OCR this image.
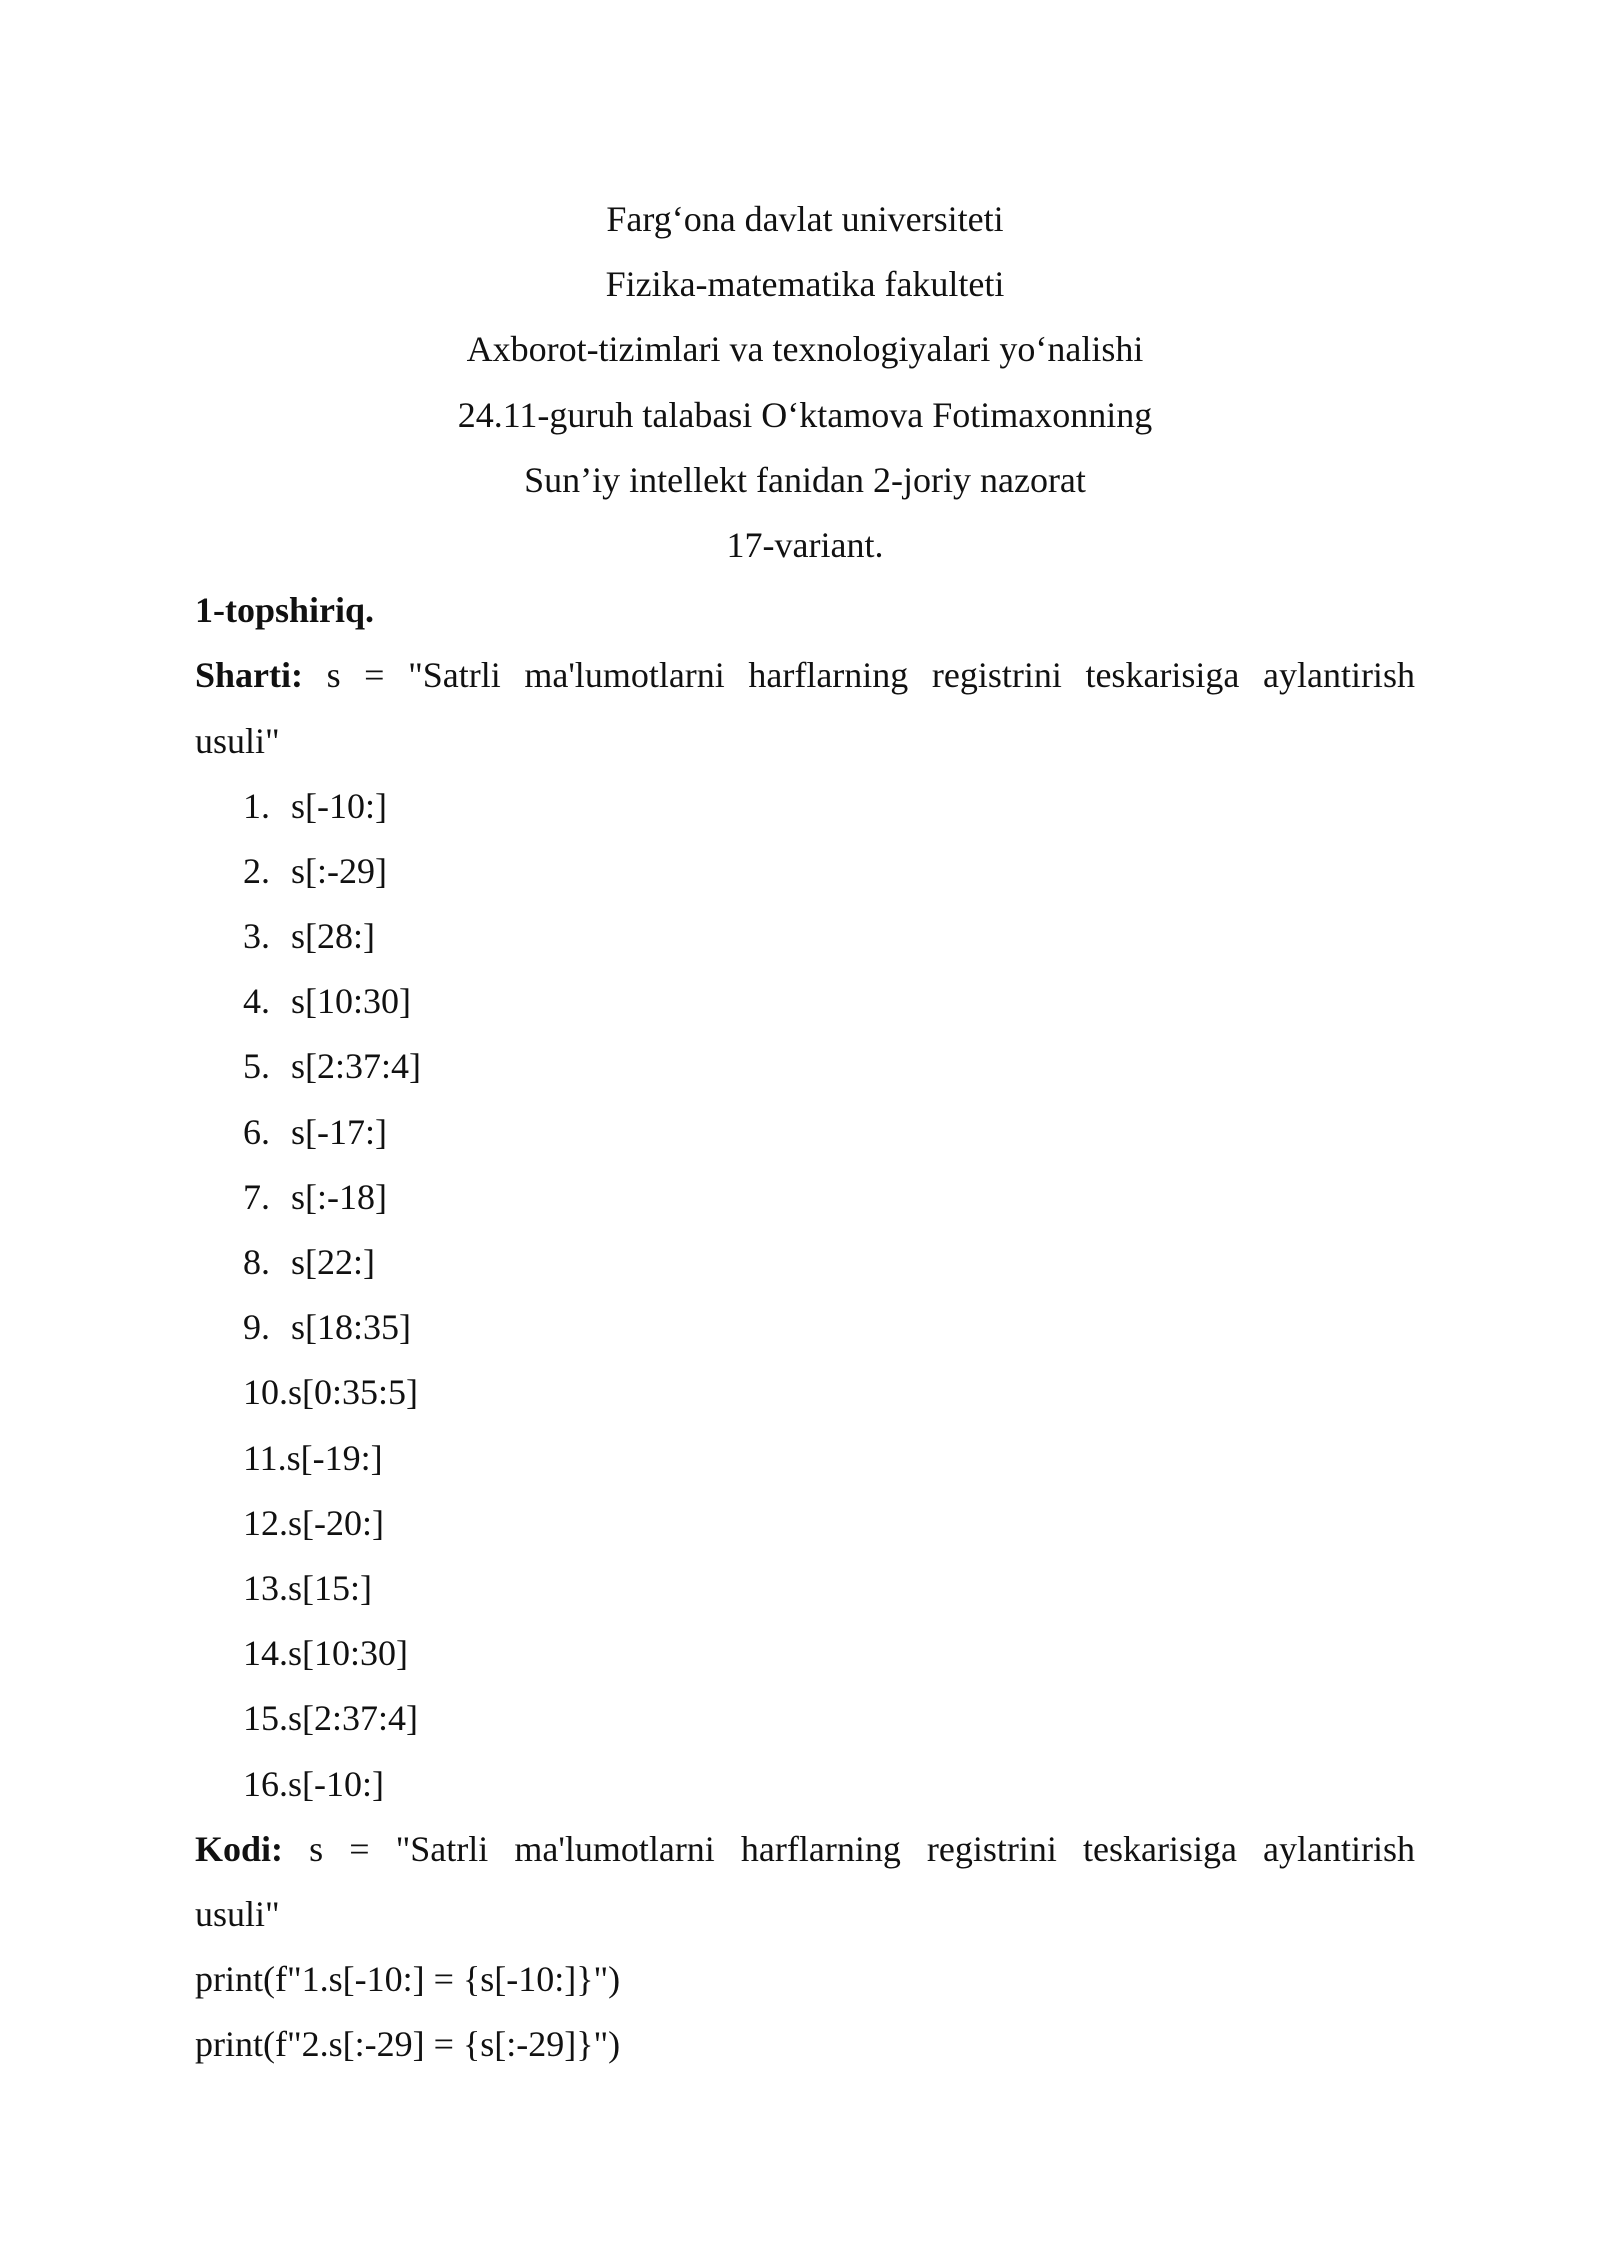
Farg‘ona davlat universiteti
Fizika-matematika fakulteti
Axborot-tizimlari va texnologiyalari yo‘nalishi
24.11-guruh talabasi O‘ktamova Fotimaxonning
Sun’iy intellekt fanidan 2-joriy nazorat
17-variant.
1-topshiriq.
Sharti: s = "Satrli ma'lumotlarni harflarning registrini teskarisiga aylantirish
usuli"
1. s[-10:]
2. s[:-29]
3. s[28:]
4. s[10:30]
5. s[2:37:4]
6. s[-17:]
7. s[:-18]
8. s[22:]
9. s[18:35]
10.s[0:35:5]
11.s[-19:]
12.s[-20:]
13.s[15:]
14.s[10:30]
15.s[2:37:4]
16.s[-10:]
Kodi: s = "Satrli ma'lumotlarni harflarning registrini teskarisiga aylantirish
usuli"
print(f"1.s[-10:] = {s[-10:]}")
print(f"2.s[:-29] = {s[:-29]}")
